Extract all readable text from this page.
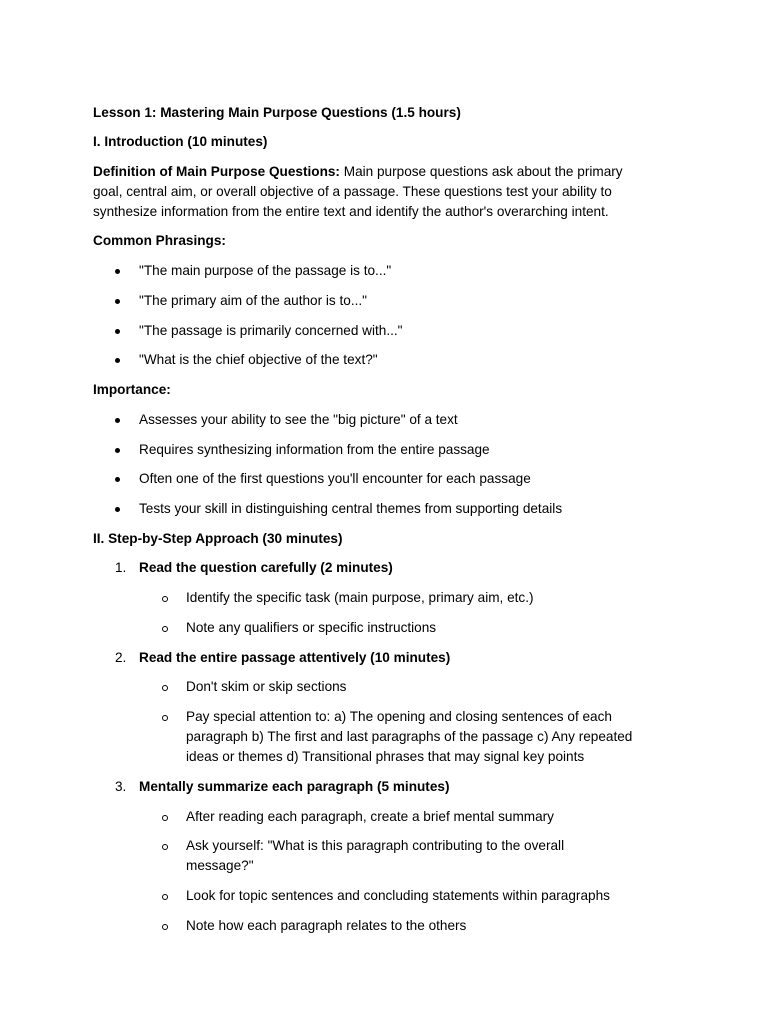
Lesson 1: Mastering Main Purpose Questions (1.5 hours)
I. Introduction (10 minutes)
Definition of Main Purpose Questions: Main purpose questions ask about the primary
goal, central aim, or overall objective of a passage. These questions test your ability to
synthesize information from the entire text and identify the author's overarching intent.
Common Phrasings:
"The main purpose of the passage is to..."
"The primary aim of the author is to..."
"The passage is primarily concerned with..."
"What is the chief objective of the text?"
Importance:
Assesses your ability to see the "big picture" of a text
Requires synthesizing information from the entire passage
Often one of the first questions you'll encounter for each passage
Tests your skill in distinguishing central themes from supporting details
II. Step-by-Step Approach (30 minutes)
1. Read the question carefully (2 minutes)
Identify the specific task (main purpose, primary aim, etc.)
Note any qualifiers or specific instructions
2. Read the entire passage attentively (10 minutes)
Don't skim or skip sections
Pay special attention to: a) The opening and closing sentences of each
paragraph b) The first and last paragraphs of the passage c) Any repeated
ideas or themes d) Transitional phrases that may signal key points
3. Mentally summarize each paragraph (5 minutes)
After reading each paragraph, create a brief mental summary
Ask yourself: "What is this paragraph contributing to the overall
message?"
Look for topic sentences and concluding statements within paragraphs
Note how each paragraph relates to the others
